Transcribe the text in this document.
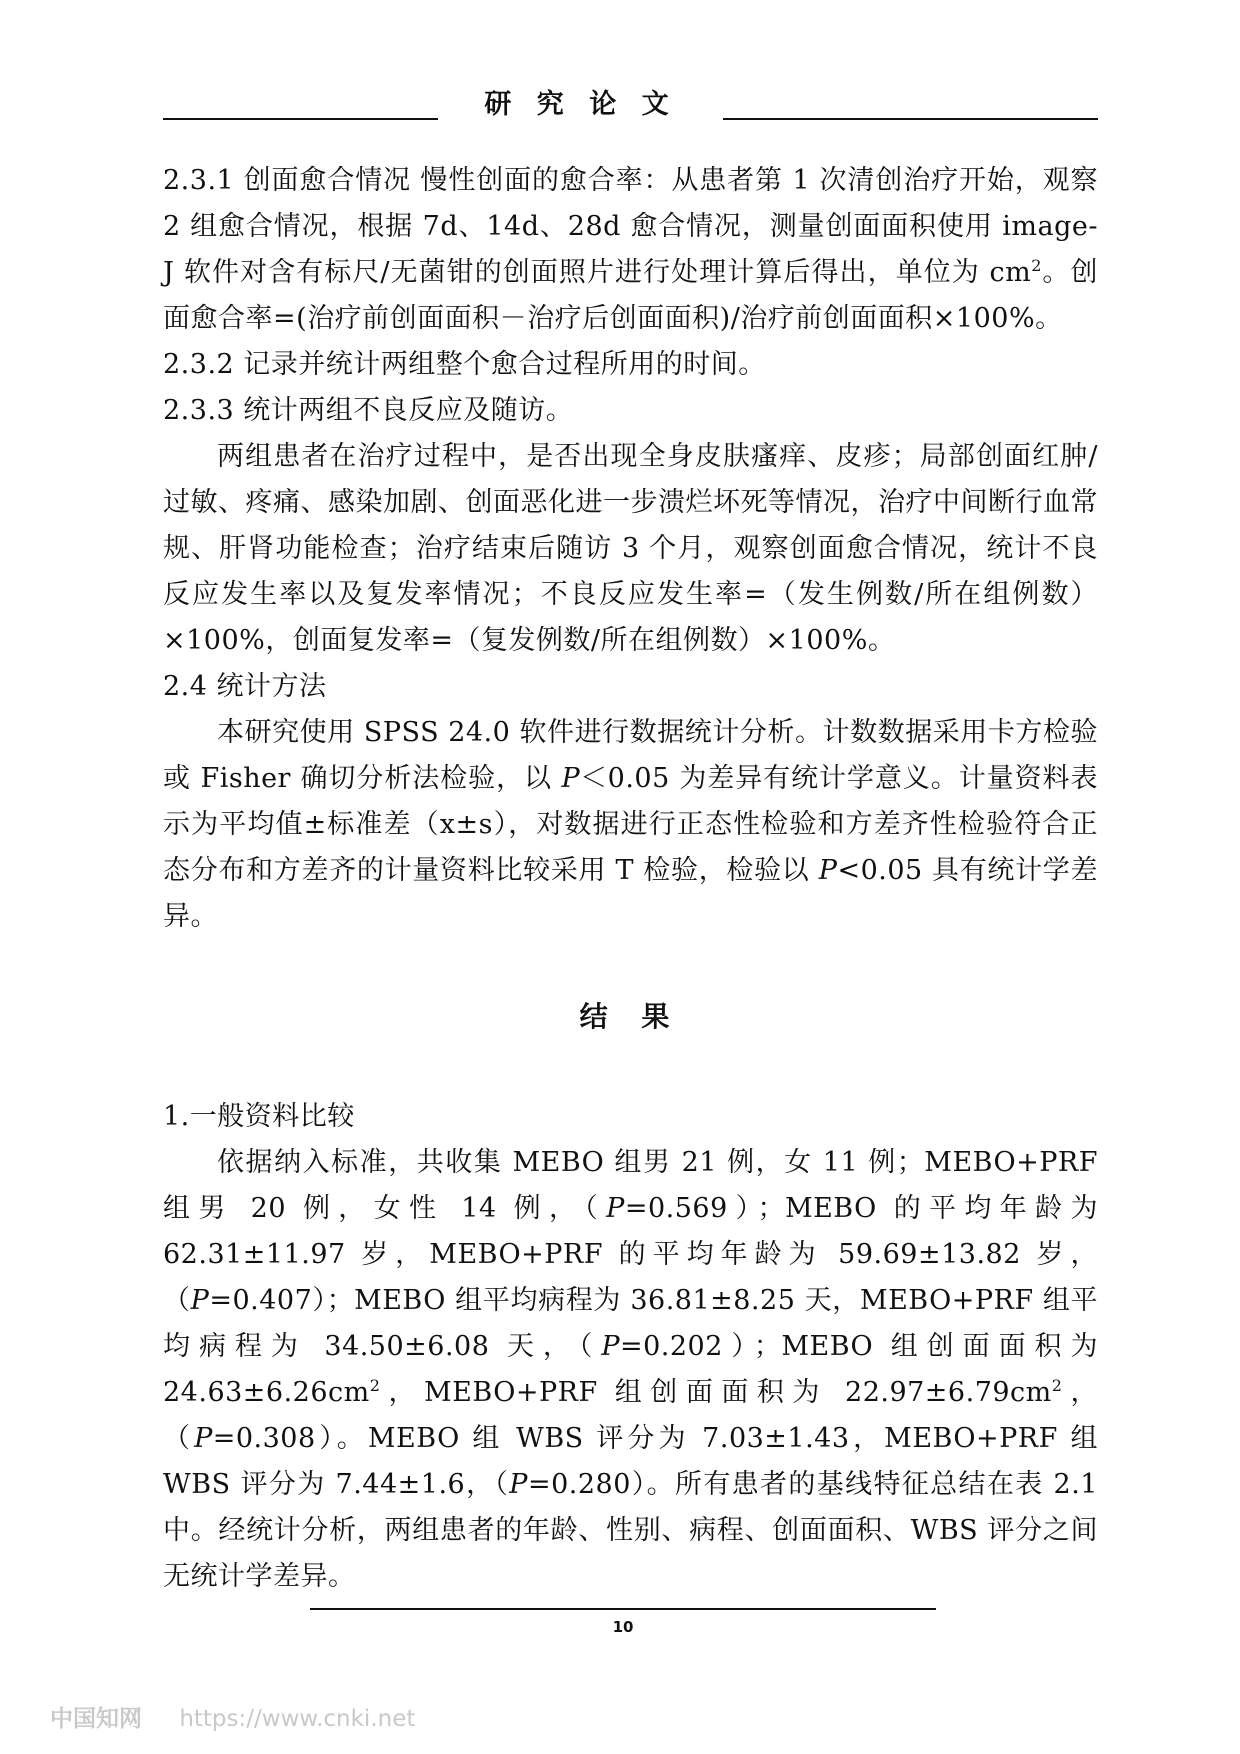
研 究 论 文

2.3.1 创面愈合情况 慢性创面的愈合率：从患者第 1 次清创治疗开始，观察 2 组愈合情况，根据 7d、14d、28d 愈合情况，测量创面面积使用 image-J 软件对含有标尺/无菌钳的创面照片进行处理计算后得出，单位为 $cm^2$。创面愈合率=(治疗前创面面积－治疗后创面面积)/治疗前创面面积×100%。

2.3.2 记录并统计两组整个愈合过程所用的时间。

2.3.3 统计两组不良反应及随访。

两组患者在治疗过程中，是否出现全身皮肤瘙痒、皮疹；局部创面红肿/过敏、疼痛、感染加剧、创面恶化进一步溃烂坏死等情况，治疗中间断行血常规、肝肾功能检查；治疗结束后随访 3 个月，观察创面愈合情况，统计不良反应发生率以及复发率情况；不良反应发生率=（发生例数/所在组例数）×100%，创面复发率=（复发例数/所在组例数）×100%。

2.4 统计方法

本研究使用 SPSS 24.0 软件进行数据统计分析。计数数据采用卡方检验或 Fisher 确切分析法检验，以 P＜0.05 为差异有统计学意义。计量资料表示为平均值±标准差（x±s），对数据进行正态性检验和方差齐性检验符合正态分布和方差齐的计量资料比较采用 T 检验，检验以 P<0.05 具有统计学差异。

结 果

1.一般资料比较

依据纳入标准，共收集 MEBO 组男 21 例，女 11 例；MEBO+PRF 组男 20 例，女性 14 例，（P=0.569）；MEBO 的平均年龄为 62.31±11.97 岁，MEBO+PRF 的平均年龄为 59.69±13.82 岁，（P=0.407）；MEBO 组平均病程为 36.81±8.25 天，MEBO+PRF 组平均病程为 34.50±6.08 天，（P=0.202）；MEBO 组创面面积为 $24.63\pm 6.26cm^2$，MEBO+PRF 组创面面积为 $22.97\pm 6.79cm^2$，（P=0.308）。MEBO 组 WBS 评分为 7.03±1.43，MEBO+PRF 组 WBS 评分为 7.44±1.6，（P=0.280）。所有患者的基线特征总结在表 2.1 中。经统计分析，两组患者的年龄、性别、病程、创面面积、WBS 评分之间无统计学差异。

10
中国知网 https://www.cnki.net
